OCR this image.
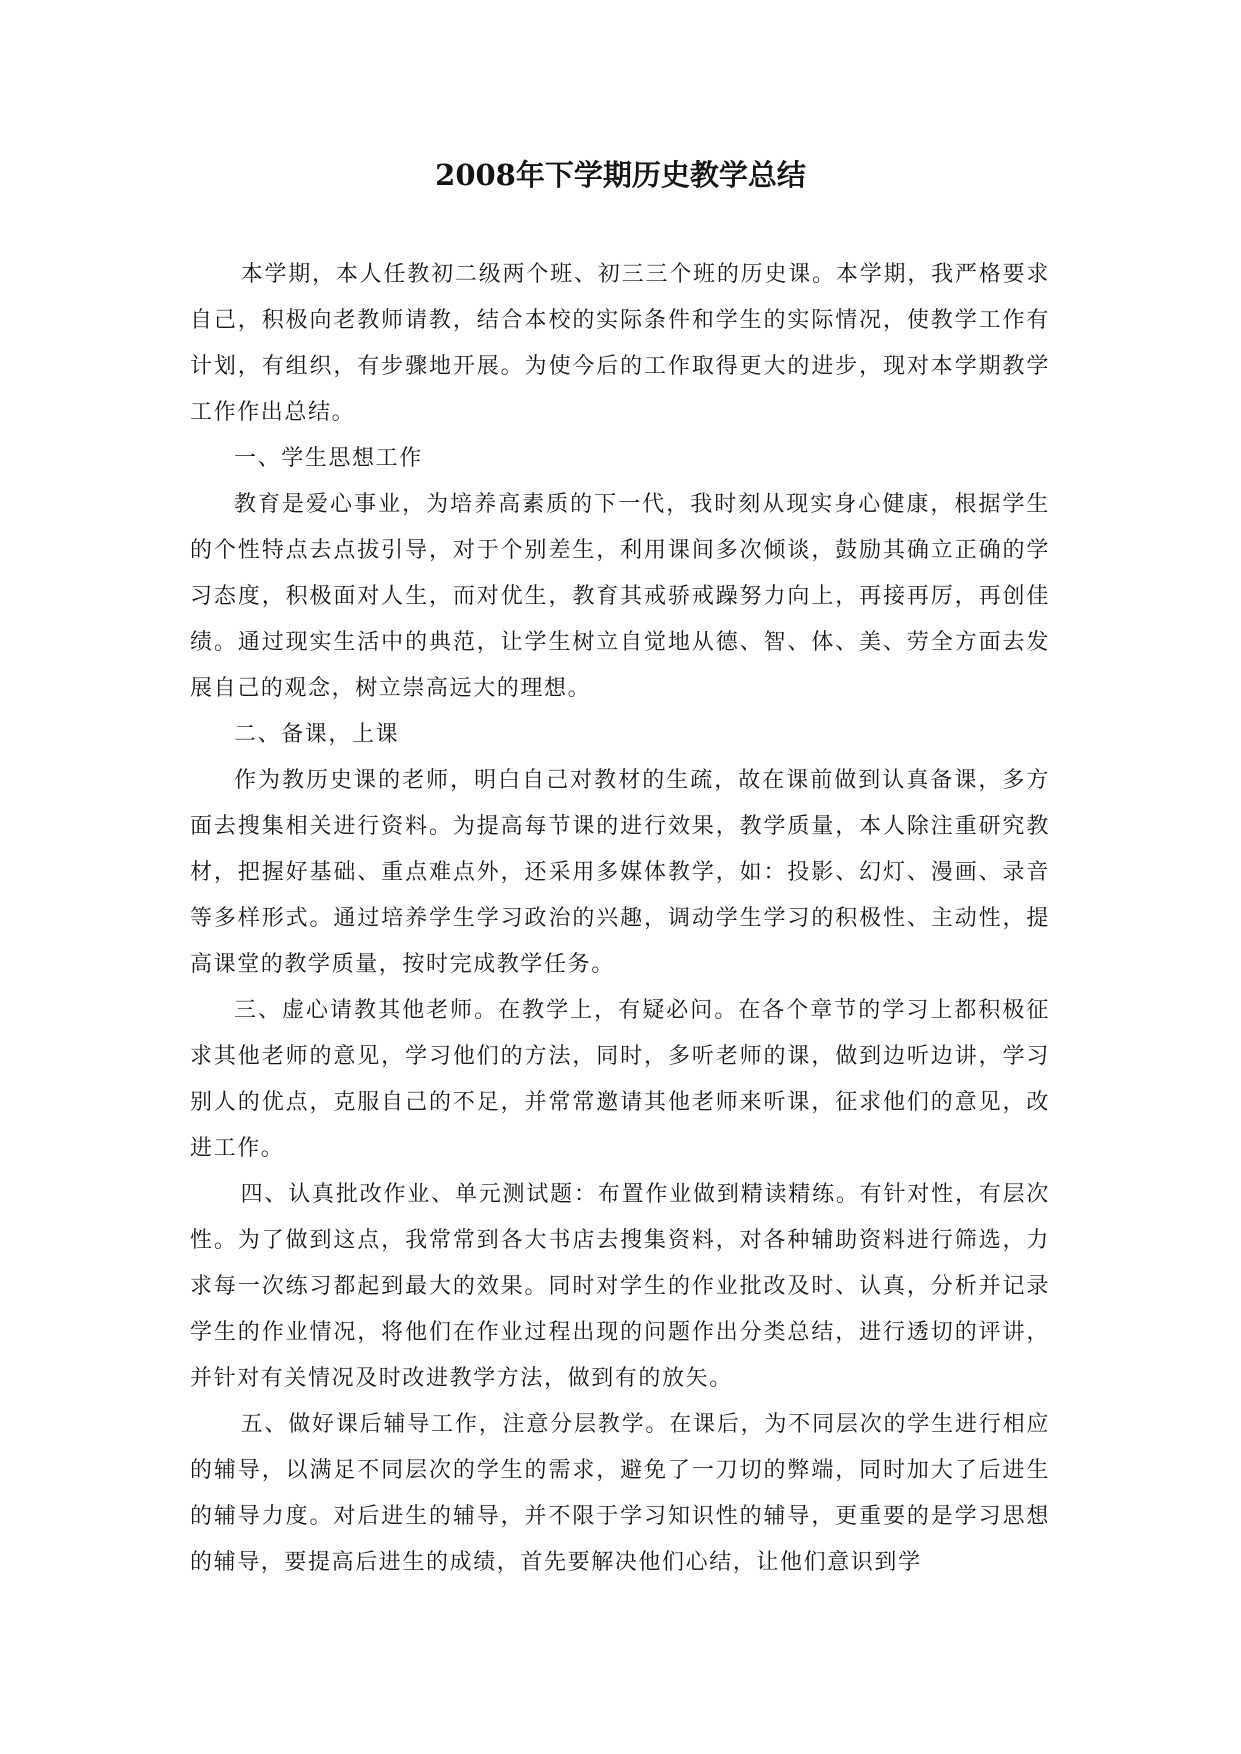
2008年下学期历史教学总结

本学期，本人任教初二级两个班、初三三个班的历史课。本学期，我严格要求自己，积极向老教师请教，结合本校的实际条件和学生的实际情况，使教学工作有计划，有组织，有步骤地开展。为使今后的工作取得更大的进步，现对本学期教学工作作出总结。

一、学生思想工作

教育是爱心事业，为培养高素质的下一代，我时刻从现实身心健康，根据学生的个性特点去点拔引导，对于个别差生，利用课间多次倾谈，鼓励其确立正确的学习态度，积极面对人生，而对优生，教育其戒骄戒躁努力向上，再接再厉，再创佳绩。通过现实生活中的典范，让学生树立自觉地从德、智、体、美、劳全方面去发展自己的观念，树立崇高远大的理想。

二、备课，上课

作为教历史课的老师，明白自己对教材的生疏，故在课前做到认真备课，多方面去搜集相关进行资料。为提高每节课的进行效果，教学质量，本人除注重研究教材，把握好基础、重点难点外，还采用多媒体教学，如：投影、幻灯、漫画、录音等多样形式。通过培养学生学习政治的兴趣，调动学生学习的积极性、主动性，提高课堂的教学质量，按时完成教学任务。

三、虚心请教其他老师。在教学上，有疑必问。在各个章节的学习上都积极征求其他老师的意见，学习他们的方法，同时，多听老师的课，做到边听边讲，学习别人的优点，克服自己的不足，并常常邀请其他老师来听课，征求他们的意见，改进工作。

四、认真批改作业、单元测试题：布置作业做到精读精练。有针对性，有层次性。为了做到这点，我常常到各大书店去搜集资料，对各种辅助资料进行筛选，力求每一次练习都起到最大的效果。同时对学生的作业批改及时、认真，分析并记录学生的作业情况，将他们在作业过程出现的问题作出分类总结，进行透切的评讲，并针对有关情况及时改进教学方法，做到有的放矢。

五、做好课后辅导工作，注意分层教学。在课后，为不同层次的学生进行相应的辅导，以满足不同层次的学生的需求，避免了一刀切的弊端，同时加大了后进生的辅导力度。对后进生的辅导，并不限于学习知识性的辅导，更重要的是学习思想的辅导，要提高后进生的成绩，首先要解决他们心结，让他们意识到学
